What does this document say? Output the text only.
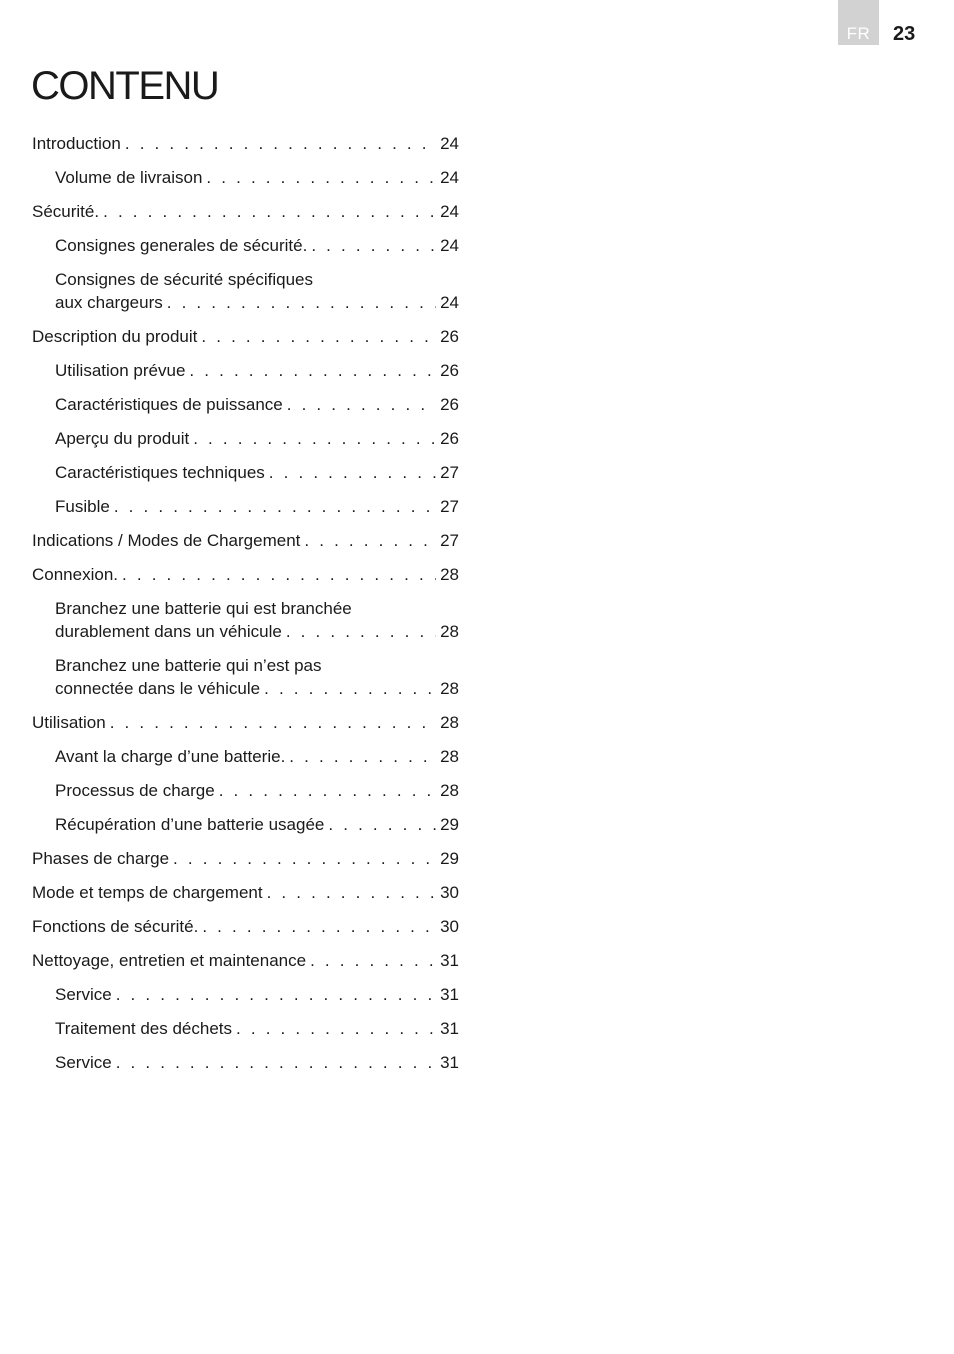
FR	23
CONTENU
Introduction . . .	24
Volume de livraison . . .	24
Sécurité. . . .	24
Consignes generales de sécurité. . . .	24
Consignes de sécurité spécifiques
aux chargeurs . . .	24
Description du produit . . .	26
Utilisation prévue . . .	26
Caractéristiques de puissance . . .	26
Aperçu du produit . . .	26
Caractéristiques techniques . . .	27
Fusible . . .	27
Indications / Modes de Chargement . . .	27
Connexion. . . .	28
Branchez une batterie qui est branchée
durablement dans un véhicule . . .	28
Branchez une batterie qui n’est pas
connectée dans le véhicule . . .	28
Utilisation . . .	28
Avant la charge d’une batterie. . . .	28
Processus de charge . . .	28
Récupération d’une batterie usagée . . .	29
Phases de charge . . .	29
Mode et temps de chargement . . .	30
Fonctions de sécurité. . . .	30
Nettoyage, entretien et maintenance . . .	31
Service . . .	31
Traitement des déchets . . .	31
Service . . .	31
